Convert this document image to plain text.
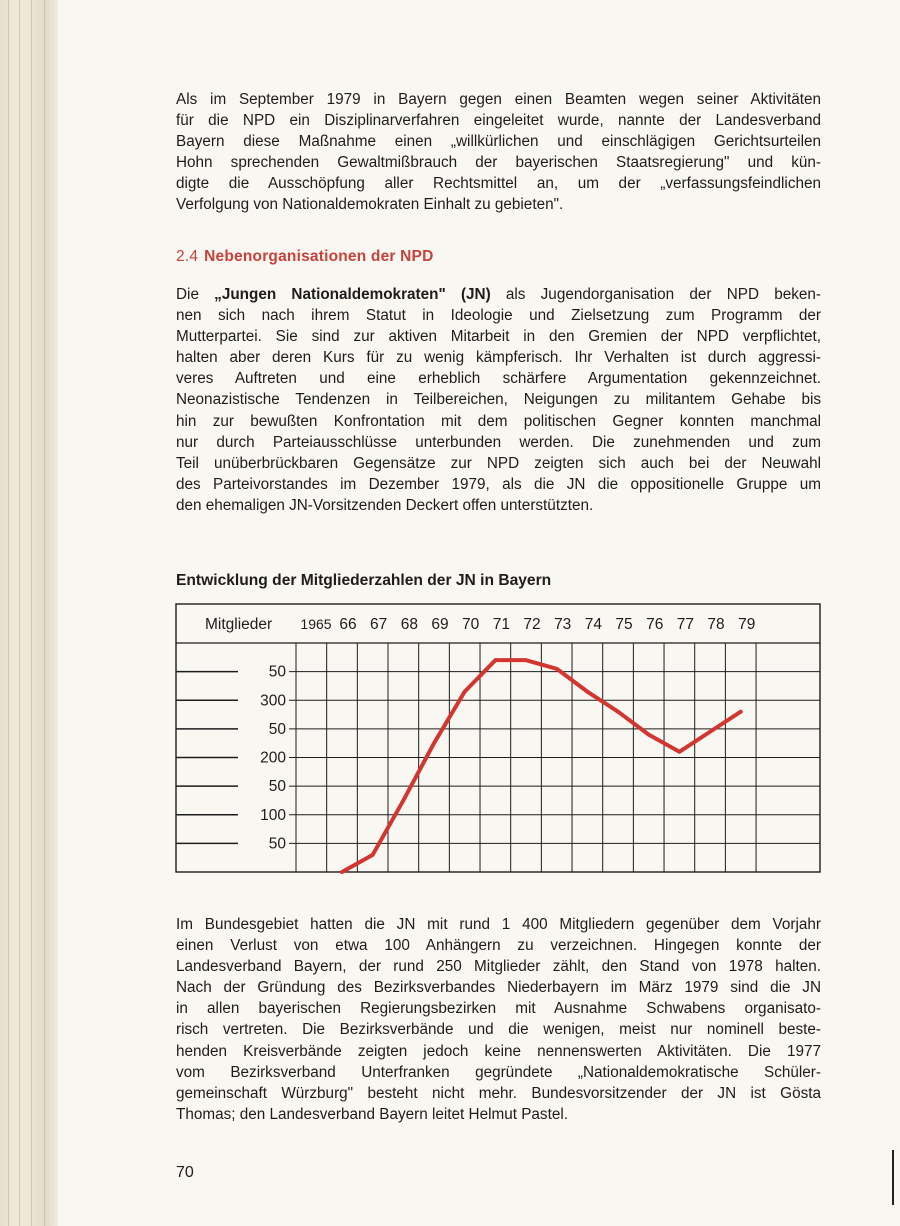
Als im September 1979 in Bayern gegen einen Beamten wegen seiner Aktivitäten
für die NPD ein Disziplinarverfahren eingeleitet wurde, nannte der Landesverband
Bayern diese Maßnahme einen „willkürlichen und einschlägigen Gerichtsurteilen
Hohn sprechenden Gewaltmißbrauch der bayerischen Staatsregierung" und kün-
digte die Ausschöpfung aller Rechtsmittel an, um der „verfassungsfeindlichen
Verfolgung von Nationaldemokraten Einhalt zu gebieten".
2.4 Nebenorganisationen der NPD
Die „Jungen Nationaldemokraten" (JN) als Jugendorganisation der NPD beken-
nen sich nach ihrem Statut in Ideologie und Zielsetzung zum Programm der
Mutterpartei. Sie sind zur aktiven Mitarbeit in den Gremien der NPD verpflichtet,
halten aber deren Kurs für zu wenig kämpferisch. Ihr Verhalten ist durch aggressi-
veres Auftreten und eine erheblich schärfere Argumentation gekennzeichnet.
Neonazistische Tendenzen in Teilbereichen, Neigungen zu militantem Gehabe bis
hin zur bewußten Konfrontation mit dem politischen Gegner konnten manchmal
nur durch Parteiausschlüsse unterbunden werden. Die zunehmenden und zum
Teil unüberbrückbaren Gegensätze zur NPD zeigten sich auch bei der Neuwahl
des Parteivorstandes im Dezember 1979, als die JN die oppositionelle Gruppe um
den ehemaligen JN-Vorsitzenden Deckert offen unterstützten.
Entwicklung der Mitgliederzahlen der JN in Bayern
50
300
50
200
50
100
50
Mitglieder 1965 66 67 68 69 70 71 72 73 74 75 76 77 78 79
Im Bundesgebiet hatten die JN mit rund 1 400 Mitgliedern gegenüber dem Vorjahr
einen Verlust von etwa 100 Anhängern zu verzeichnen. Hingegen konnte der
Landesverband Bayern, der rund 250 Mitglieder zählt, den Stand von 1978 halten.
Nach der Gründung des Bezirksverbandes Niederbayern im März 1979 sind die JN
in allen bayerischen Regierungsbezirken mit Ausnahme Schwabens organisato-
risch vertreten. Die Bezirksverbände und die wenigen, meist nur nominell beste-
henden Kreisverbände zeigten jedoch keine nennenswerten Aktivitäten. Die 1977
vom Bezirksverband Unterfranken gegründete „Nationaldemokratische Schüler-
gemeinschaft Würzburg" besteht nicht mehr. Bundesvorsitzender der JN ist Gösta
Thomas; den Landesverband Bayern leitet Helmut Pastel.
70
